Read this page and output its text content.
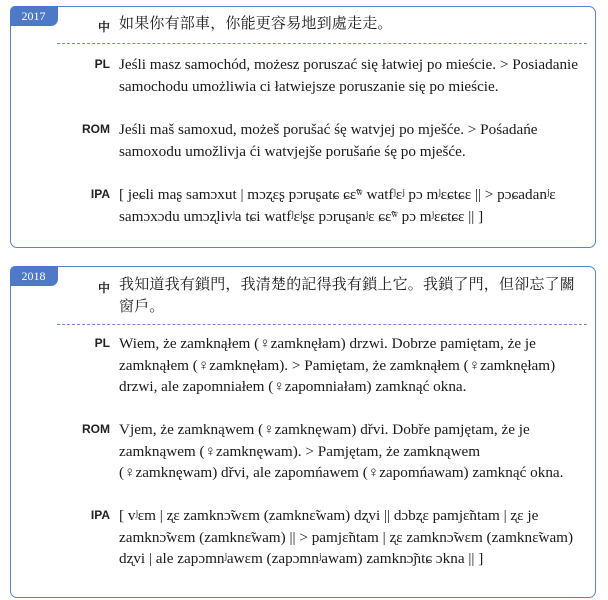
2017
中 如果你有部車，你能更容易地到處走走。
PL Jeśli masz samochód, możesz poruszać się łatwiej po mieście. > Posiadanie samochodu umożliwia ci łatwiejsze poruszanie się po mieście.
ROM Jeśli maš samoxud, możeš porušać śę watvjej po mješće. > Pośadańe samoxodu umožlivja ći watvjejše porušańe śę po mješće.
IPA [ jeɕli maʂ samɔxut | mɔʐɛʂ pɔruʂatɕ ɕɛ̃ʷ watfʲɛʲ pɔ mʲɛɕtɕɛ || > pɔɕadanʲɛ samɔxɔdu umɔʐlivʲa tɕi watfʲɛʲʂɛ pɔruʂanʲɛ ɕɛ̃ʷ pɔ mʲɛɕtɕɛ || ]
2018
中 我知道我有鎖門，我清楚的記得我有鎖上它。我鎖了門，但卻忘了關窗戶。
PL Wiem, że zamknąłem (♀zamknęłam) drzwi. Dobrze pamiętam, że je zamknąłem (♀zamknęłam). > Pamiętam, że zamknąłem (♀zamknęłam) drzwi, ale zapomniałem (♀zapomniałam) zamknąć okna.
ROM Vjem, że zamknąwem (♀zamknęwam) dřvi. Dobře pamjętam, że je zamknąwem (♀zamknęwam). > Pamjętam, że zamknąwem (♀zamknęwam) dřvi, ale zapomńawem (♀zapomńawam) zamknąć okna.
IPA [ vʲɛm | ʐɛ zamknɔ̃wɛm (zamknɛ̃wam) dʐvi || dɔbʐɛ pamjɛ̃ntam | ʐɛ je zamknɔ̃wɛm (zamknɛ̃wam) || > pamjɛ̃ntam | ʐɛ zamknɔ̃wɛm (zamknɛ̃wam) dʐvi | ale zapɔmnʲawɛm (zapɔmnʲawam) zamknɔ̃ɲtɕ ɔkna || ]
